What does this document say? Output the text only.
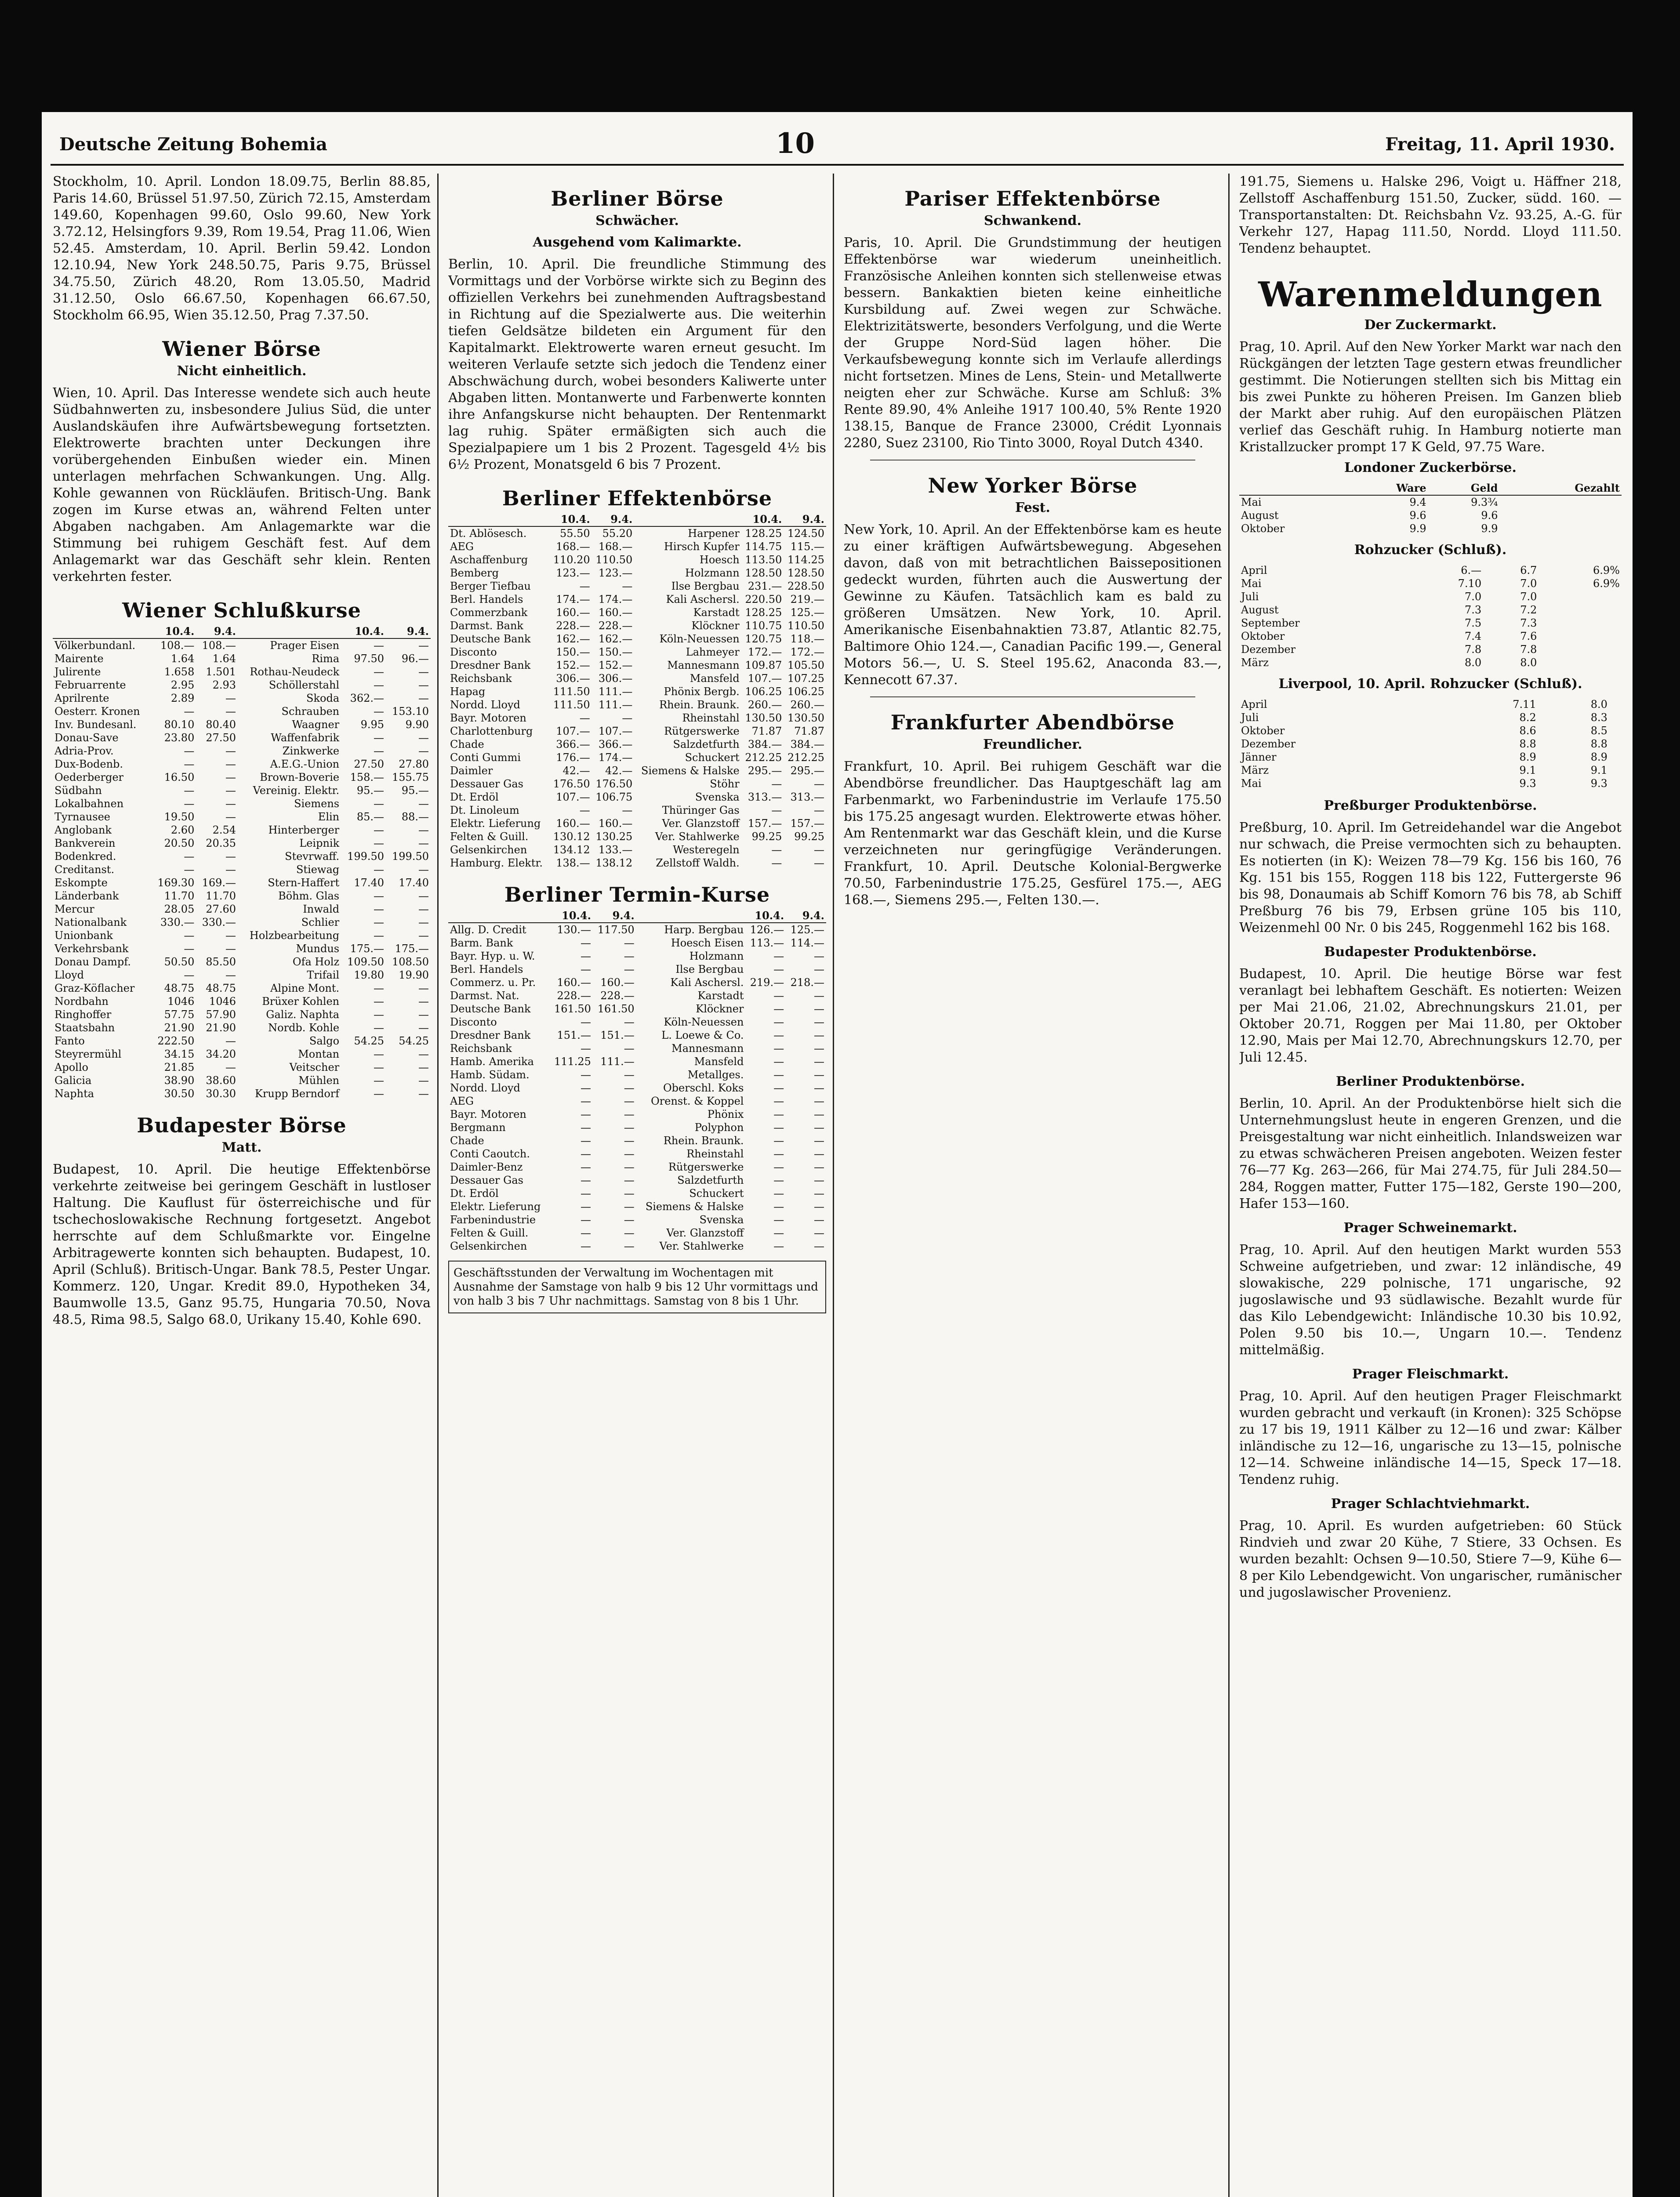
Deutsche Zeitung Bohemia	10	Freitag, 11. April 1930.

Stockholm, 10. April. London 18.09.75, Berlin 88.85, Paris 14.60, Brüssel 51.97.50, Zürich 72.15, Amsterdam 149.60, Kopenhagen 99.60, Oslo 99.60, New York 3.72.12, Helsingfors 9.39, Rom 19.54, Prag 11.06, Wien 52.45. Amsterdam, 10. April. Berlin 59.42. London 12.10.94, New York 248.50.75, Paris 9.75, Brüssel 34.75.50, Zürich 48.20, Rom 13.05.50, Madrid 31.12.50, Oslo 66.67.50, Kopenhagen 66.67.50, Stockholm 66.95, Wien 35.12.50, Prag 7.37.50.

Wiener Börse
Nicht einheitlich.

Wien, 10. April. Das Interesse wendete sich auch heute Südbahnwerten zu, insbesondere Julius Süd, die unter Auslandskäufen ihre Aufwärtsbewegung fortsetzten. Elektrowerte brachten unter Deckungen ihre vorübergehenden Einbußen wieder ein. Minen unterlagen mehrfachen Schwankungen. Ung. Allg. Kohle gewannen von Rückläufen. Britisch-Ung. Bank zogen im Kurse etwas an, während Felten unter Abgaben nachgaben. Am Anlagemarkte war die Stimmung bei ruhigem Geschäft fest. Auf dem Anlagemarkt war das Geschäft sehr klein. Renten verkehrten fester.

Wiener Schlußkurse
	10.4.	9.4.		10.4.	9.4.
Völkerbundanl.	108.—	108.—	Prager Eisen	—	—
Mairente	1.64	1.64	Rima	97.50	96.—
Julirente	1.658	1.501	Rothau-Neudeck	—	—
Februarrente	2.95	2.93	Schöllerstahl	—	—
Aprilrente	2.89	—	Skoda	362.—	—
Oesterr. Kronen	—	—	Schrauben	—	153.10
Inv. Bundesanl.	80.10	80.40	Waagner	9.95	9.90
Donau-Save	23.80	27.50	Waffenfabrik	—	—
Adria-Prov.	—	—	Zinkwerke	—	—
Dux-Bodenb.	—	—	A.E.G.-Union	27.50	27.80
Oederberger	16.50	—	Brown-Boverie	158.—	155.75
Südbahn	—	—	Vereinig. Elektr.	95.—	95.—
Lokalbahnen	—	—	Siemens	—	—
Tyrnausee	19.50	—	Elin	85.—	88.—
Anglobank	2.60	2.54	Hinterberger	—	—
Bankverein	20.50	20.35	Leipnik	—	—
Bodenkred.	—	—	Stevrwaff.	199.50	199.50
Creditanst.	—	—	Stiewag	—	—
Eskompte	169.30	169.—	Stern-Haffert	17.40	17.40
Länderbank	11.70	11.70	Böhm. Glas	—	—
Mercur	28.05	27.60	Inwald	—	—
Nationalbank	330.—	330.—	Schlier	—	—
Unionbank	—	—	Holzbearbeitung	—	—
Verkehrsbank	—	—	Mundus	175.—	175.—
Donau Dampf.	50.50	85.50	Ofa Holz	109.50	108.50
Lloyd	—	—	Trifail	19.80	19.90
Graz-Köflacher	48.75	48.75	Alpine Mont.	—	—
Nordbahn	1046	1046	Brüxer Kohlen	—	—
Ringhoffer	57.75	57.90	Galiz. Naphta	—	—
Staatsbahn	21.90	21.90	Nordb. Kohle	—	—
Fanto	222.50	—	Salgo	54.25	54.25
Steyrermühl	34.15	34.20	Montan	—	—
Apollo	21.85	—	Veitscher	—	—
Galicia	38.90	38.60	Mühlen	—	—
Naphta	30.50	30.30	Krupp Berndorf	—	—
Budapester Börse
Matt.

Budapest, 10. April. Die heutige Effektenbörse verkehrte zeitweise bei geringem Geschäft in lustloser Haltung. Die Kauflust für österreichische und für tschechoslowakische Rechnung fortgesetzt. Angebot herrschte auf dem Schlußmarkte vor. Eingelne Arbitragewerte konnten sich behaupten. Budapest, 10. April (Schluß). Britisch-Ungar. Bank 78.5, Pester Ungar. Kommerz. 120, Ungar. Kredit 89.0, Hypotheken 34, Baumwolle 13.5, Ganz 95.75, Hungaria 70.50, Nova 48.5, Rima 98.5, Salgo 68.0, Urikany 15.40, Kohle 690.

Berliner Börse
Schwächer.
Ausgehend vom Kalimarkte.

Berlin, 10. April. Die freundliche Stimmung des Vormittags und der Vorbörse wirkte sich zu Beginn des offiziellen Verkehrs bei zunehmenden Auftragsbestand in Richtung auf die Spezialwerte aus. Die weiterhin tiefen Geldsätze bildeten ein Argument für den Kapitalmarkt. Elektrowerte waren erneut gesucht. Im weiteren Verlaufe setzte sich jedoch die Tendenz einer Abschwächung durch, wobei besonders Kaliwerte unter Abgaben litten. Montanwerte und Farbenwerte konnten ihre Anfangskurse nicht behaupten. Der Rentenmarkt lag ruhig. Später ermäßigten sich auch die Spezialpapiere um 1 bis 2 Prozent. Tagesgeld 4½ bis 6½ Prozent, Monatsgeld 6 bis 7 Prozent.

Berliner Effektenbörse
	10.4.	9.4.		10.4.	9.4.
Dt. Ablösesch.	55.50	55.20	Harpener	128.25	124.50
AEG	168.—	168.—	Hirsch Kupfer	114.75	115.—
Aschaffenburg	110.20	110.50	Hoesch	113.50	114.25
Bemberg	123.—	123.—	Holzmann	128.50	128.50
Berger Tiefbau	—	—	Ilse Bergbau	231.—	228.50
Berl. Handels	174.—	174.—	Kali Aschersl.	220.50	219.—
Commerzbank	160.—	160.—	Karstadt	128.25	125.—
Darmst. Bank	228.—	228.—	Klöckner	110.75	110.50
Deutsche Bank	162.—	162.—	Köln-Neuessen	120.75	118.—
Disconto	150.—	150.—	Lahmeyer	172.—	172.—
Dresdner Bank	152.—	152.—	Mannesmann	109.87	105.50
Reichsbank	306.—	306.—	Mansfeld	107.—	107.25
Hapag	111.50	111.—	Phönix Bergb.	106.25	106.25
Nordd. Lloyd	111.50	111.—	Rhein. Braunk.	260.—	260.—
Bayr. Motoren	—	—	Rheinstahl	130.50	130.50
Charlottenburg	107.—	107.—	Rütgerswerke	71.87	71.87
Chade	366.—	366.—	Salzdetfurth	384.—	384.—
Conti Gummi	176.—	174.—	Schuckert	212.25	212.25
Daimler	42.—	42.—	Siemens & Halske	295.—	295.—
Dessauer Gas	176.50	176.50	Stöhr	—	—
Dt. Erdöl	107.—	106.75	Svenska	313.—	313.—
Dt. Linoleum	—	—	Thüringer Gas	—	—
Elektr. Lieferung	160.—	160.—	Ver. Glanzstoff	157.—	157.—
Felten & Guill.	130.12	130.25	Ver. Stahlwerke	99.25	99.25
Gelsenkirchen	134.12	133.—	Westeregeln	—	—
Hamburg. Elektr.	138.—	138.12	Zellstoff Waldh.	—	—
Berliner Termin-Kurse
	10.4.	9.4.		10.4.	9.4.
Allg. D. Credit	130.—	117.50	Harp. Bergbau	126.—	125.—
Barm. Bank	—	—	Hoesch Eisen	113.—	114.—
Bayr. Hyp. u. W.	—	—	Holzmann	—	—
Berl. Handels	—	—	Ilse Bergbau	—	—
Commerz. u. Pr.	160.—	160.—	Kali Aschersl.	219.—	218.—
Darmst. Nat.	228.—	228.—	Karstadt	—	—
Deutsche Bank	161.50	161.50	Klöckner	—	—
Disconto	—	—	Köln-Neuessen	—	—
Dresdner Bank	151.—	151.—	L. Loewe & Co.	—	—
Reichsbank	—	—	Mannesmann	—	—
Hamb. Amerika	111.25	111.—	Mansfeld	—	—
Hamb. Südam.	—	—	Metallges.	—	—
Nordd. Lloyd	—	—	Oberschl. Koks	—	—
AEG	—	—	Orenst. & Koppel	—	—
Bayr. Motoren	—	—	Phönix	—	—
Bergmann	—	—	Polyphon	—	—
Chade	—	—	Rhein. Braunk.	—	—
Conti Caoutch.	—	—	Rheinstahl	—	—
Daimler-Benz	—	—	Rütgerswerke	—	—
Dessauer Gas	—	—	Salzdetfurth	—	—
Dt. Erdöl	—	—	Schuckert	—	—
Elektr. Lieferung	—	—	Siemens & Halske	—	—
Farbenindustrie	—	—	Svenska	—	—
Felten & Guill.	—	—	Ver. Glanzstoff	—	—
Gelsenkirchen	—	—	Ver. Stahlwerke	—	—
Geschäftsstunden der Verwaltung im Wochentagen mit Ausnahme der Samstage von halb 9 bis 12 Uhr vormittags und von halb 3 bis 7 Uhr nachmittags. Samstag von 8 bis 1 Uhr.
Pariser Effektenbörse
Schwankend.

Paris, 10. April. Die Grundstimmung der heutigen Effektenbörse war wiederum uneinheitlich. Französische Anleihen konnten sich stellenweise etwas bessern. Bankaktien bieten keine einheitliche Kursbildung auf. Zwei wegen zur Schwäche. Elektrizitätswerte, besonders Verfolgung, und die Werte der Gruppe Nord-Süd lagen höher. Die Verkaufsbewegung konnte sich im Verlaufe allerdings nicht fortsetzen. Mines de Lens, Stein- und Metallwerte neigten eher zur Schwäche. Kurse am Schluß: 3% Rente 89.90, 4% Anleihe 1917 100.40, 5% Rente 1920 138.15, Banque de France 23000, Crédit Lyonnais 2280, Suez 23100, Rio Tinto 3000, Royal Dutch 4340.

New Yorker Börse
Fest.

New York, 10. April. An der Effektenbörse kam es heute zu einer kräftigen Aufwärtsbewegung. Abgesehen davon, daß von mit betrachtlichen Baissepositionen gedeckt wurden, führten auch die Auswertung der Gewinne zu Käufen. Tatsächlich kam es bald zu größeren Umsätzen. New York, 10. April. Amerikanische Eisenbahnaktien 73.87, Atlantic 82.75, Baltimore Ohio 124.—, Canadian Pacific 199.—, General Motors 56.—, U. S. Steel 195.62, Anaconda 83.—, Kennecott 67.37.

Frankfurter Abendbörse
Freundlicher.

Frankfurt, 10. April. Bei ruhigem Geschäft war die Abendbörse freundlicher. Das Hauptgeschäft lag am Farbenmarkt, wo Farbenindustrie im Verlaufe 175.50 bis 175.25 angesagt wurden. Elektrowerte etwas höher. Am Rentenmarkt war das Geschäft klein, und die Kurse verzeichneten nur geringfügige Veränderungen. Frankfurt, 10. April. Deutsche Kolonial-Bergwerke 70.50, Farbenindustrie 175.25, Gesfürel 175.—, AEG 168.—, Siemens 295.—, Felten 130.—.

191.75, Siemens u. Halske 296, Voigt u. Häffner 218, Zellstoff Aschaffenburg 151.50, Zucker, südd. 160. — Transportanstalten: Dt. Reichsbahn Vz. 93.25, A.-G. für Verkehr 127, Hapag 111.50, Nordd. Lloyd 111.50. Tendenz behauptet.

Warenmeldungen
Der Zuckermarkt.

Prag, 10. April. Auf den New Yorker Markt war nach den Rückgängen der letzten Tage gestern etwas freundlicher gestimmt. Die Notierungen stellten sich bis Mittag ein bis zwei Punkte zu höheren Preisen. Im Ganzen blieb der Markt aber ruhig. Auf den europäischen Plätzen verlief das Geschäft ruhig. In Hamburg notierte man Kristallzucker prompt 17 K Geld, 97.75 Ware.

Londoner Zuckerbörse.
	Ware	Geld		Gezahlt
Mai	9.4	9.3¾		
August	9.6	9.6		
Oktober	9.9	9.9		
Rohzucker (Schluß).
April	6.—	6.7	6.9%
Mai	7.10	7.0	6.9%
Juli	7.0	7.0	
August	7.3	7.2	
September	7.5	7.3	
Oktober	7.4	7.6	
Dezember	7.8	7.8	
März	8.0	8.0	
Liverpool, 10. April. Rohzucker (Schluß).
April	7.11	8.0	
Juli	8.2	8.3	
Oktober	8.6	8.5	
Dezember	8.8	8.8	
Jänner	8.9	8.9	
März	9.1	9.1	
Mai	9.3	9.3	
Preßburger Produktenbörse.

Preßburg, 10. April. Im Getreidehandel war die Angebot nur schwach, die Preise vermochten sich zu behaupten. Es notierten (in K): Weizen 78—79 Kg. 156 bis 160, 76 Kg. 151 bis 155, Roggen 118 bis 122, Futtergerste 96 bis 98, Donaumais ab Schiff Komorn 76 bis 78, ab Schiff Preßburg 76 bis 79, Erbsen grüne 105 bis 110, Weizenmehl 00 Nr. 0 bis 245, Roggenmehl 162 bis 168.

Budapester Produktenbörse.

Budapest, 10. April. Die heutige Börse war fest veranlagt bei lebhaftem Geschäft. Es notierten: Weizen per Mai 21.06, 21.02, Abrechnungskurs 21.01, per Oktober 20.71, Roggen per Mai 11.80, per Oktober 12.90, Mais per Mai 12.70, Abrechnungskurs 12.70, per Juli 12.45.

Berliner Produktenbörse.

Berlin, 10. April. An der Produktenbörse hielt sich die Unternehmungslust heute in engeren Grenzen, und die Preisgestaltung war nicht einheitlich. Inlandsweizen war zu etwas schwächeren Preisen angeboten. Weizen fester 76—77 Kg. 263—266, für Mai 274.75, für Juli 284.50—284, Roggen matter, Futter 175—182, Gerste 190—200, Hafer 153—160.

Prager Schweinemarkt.

Prag, 10. April. Auf den heutigen Markt wurden 553 Schweine aufgetrieben, und zwar: 12 inländische, 49 slowakische, 229 polnische, 171 ungarische, 92 jugoslawische und 93 südlawische. Bezahlt wurde für das Kilo Lebendgewicht: Inländische 10.30 bis 10.92, Polen 9.50 bis 10.—, Ungarn 10.—. Tendenz mittelmäßig.

Prager Fleischmarkt.

Prag, 10. April. Auf den heutigen Prager Fleischmarkt wurden gebracht und verkauft (in Kronen): 325 Schöpse zu 17 bis 19, 1911 Kälber zu 12—16 und zwar: Kälber inländische zu 12—16, ungarische zu 13—15, polnische 12—14. Schweine inländische 14—15, Speck 17—18. Tendenz ruhig.

Prager Schlachtviehmarkt.

Prag, 10. April. Es wurden aufgetrieben: 60 Stück Rindvieh und zwar 20 Kühe, 7 Stiere, 33 Ochsen. Es wurden bezahlt: Ochsen 9—10.50, Stiere 7—9, Kühe 6—8 per Kilo Lebendgewicht. Von ungarischer, rumänischer und jugoslawischer Provenienz.
